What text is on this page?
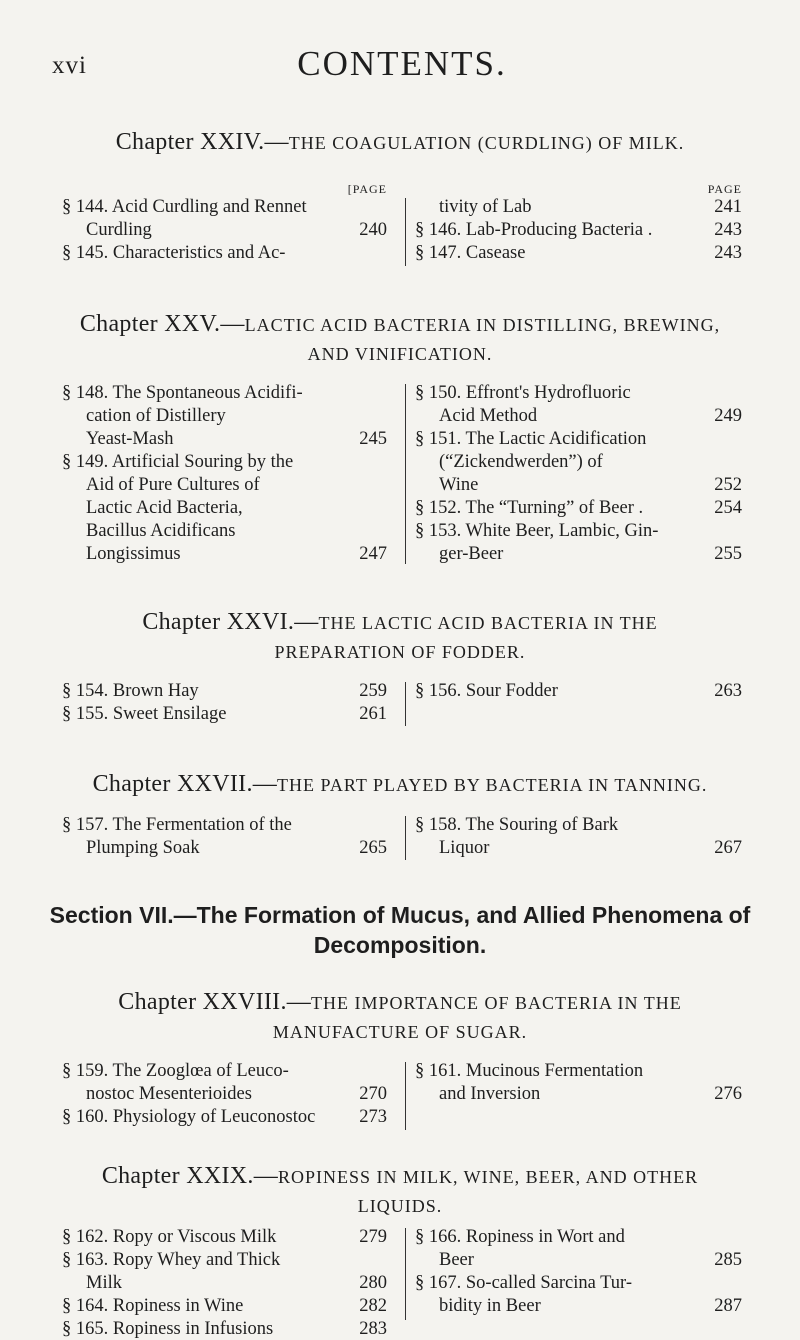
xvi	CONTENTS.
Chapter XXIV.—THE COAGULATION (CURDLING) OF MILK.
[PAGE
§ 144. Acid Curdling and Rennet
Curdling	240
§ 145. Characteristics and Ac-
PAGE
tivity of Lab	241
§ 146. Lab-Producing Bacteria .	243
§ 147. Casease	243
Chapter XXV.—LACTIC ACID BACTERIA IN DISTILLING, BREWING,
AND VINIFICATION.
§ 148. The Spontaneous Acidifi-
cation of Distillery
Yeast-Mash	245
§ 149. Artificial Souring by the
Aid of Pure Cultures of
Lactic Acid Bacteria,
Bacillus Acidificans
Longissimus	247
§ 150. Effront's Hydrofluoric
Acid Method	249
§ 151. The Lactic Acidification
(“Zickendwerden”) of
Wine	252
§ 152. The “Turning” of Beer .	254
§ 153. White Beer, Lambic, Gin-
ger-Beer	255
Chapter XXVI.—THE LACTIC ACID BACTERIA IN THE
PREPARATION OF FODDER.
§ 154. Brown Hay	259
§ 155. Sweet Ensilage	261
§ 156. Sour Fodder	263
Chapter XXVII.—THE PART PLAYED BY BACTERIA IN TANNING.
§ 157. The Fermentation of the
Plumping Soak	265
§ 158. The Souring of Bark
Liquor	267
Section VII.—The Formation of Mucus, and Allied Phenomena of
Decomposition.
Chapter XXVIII.—THE IMPORTANCE OF BACTERIA IN THE
MANUFACTURE OF SUGAR.
§ 159. The Zooglœa of Leuco-
nostoc Mesenterioides	270
§ 160. Physiology of Leuconostoc 273
§ 161. Mucinous Fermentation
and Inversion	276
Chapter XXIX.—ROPINESS IN MILK, WINE, BEER, AND OTHER
LIQUIDS.
§ 162. Ropy or Viscous Milk	279
§ 163. Ropy Whey and Thick
Milk	280
§ 164. Ropiness in Wine	282
§ 165. Ropiness in Infusions	283
§ 166. Ropiness in Wort and
Beer	285
§ 167. So-called Sarcina Tur-
bidity in Beer	287
